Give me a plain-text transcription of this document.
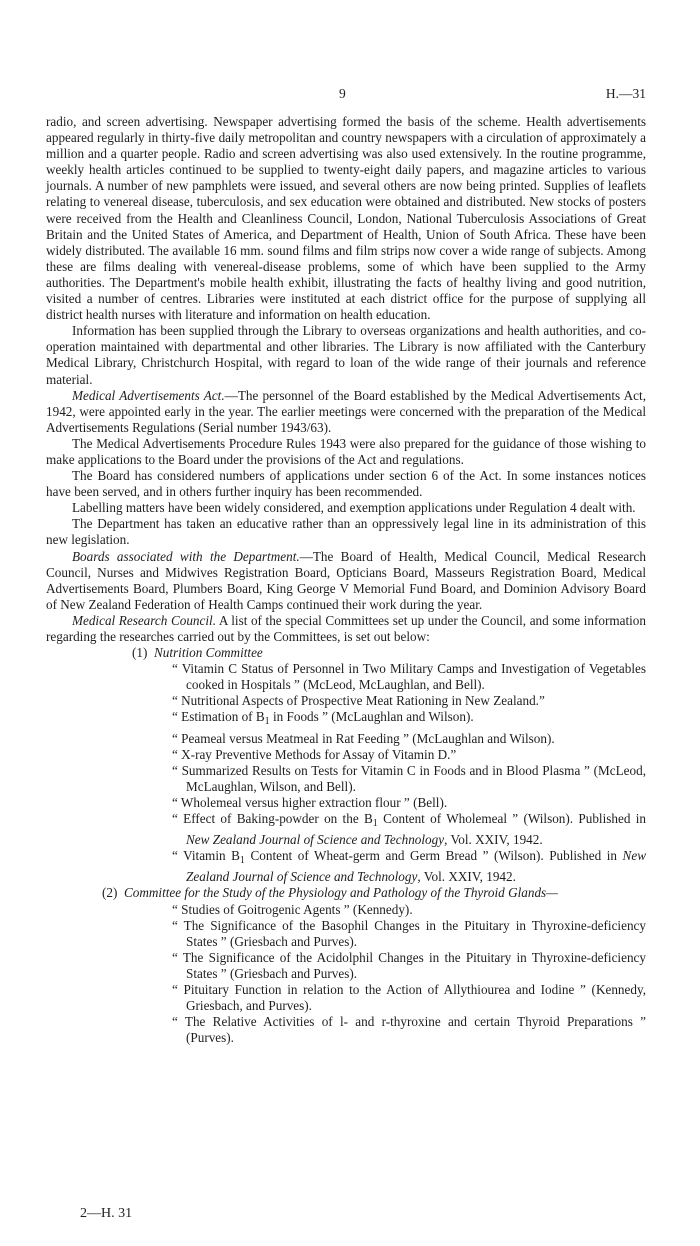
9	H.—31

radio, and screen advertising. Newspaper advertising formed the basis of the scheme. Health advertisements appeared regularly in thirty-five daily metropolitan and country newspapers with a circulation of approximately a million and a quarter people. Radio and screen advertising was also used extensively. In the routine programme, weekly health articles continued to be supplied to twenty-eight daily papers, and magazine articles to various journals. A number of new pamphlets were issued, and several others are now being printed. Supplies of leaflets relating to venereal disease, tuberculosis, and sex education were obtained and distributed. New stocks of posters were received from the Health and Cleanliness Council, London, National Tuberculosis Associations of Great Britain and the United States of America, and Department of Health, Union of South Africa. These have been widely distributed. The available 16 mm. sound films and film strips now cover a wide range of subjects. Among these are films dealing with venereal-disease problems, some of which have been supplied to the Army authorities. The Department's mobile health exhibit, illustrating the facts of healthy living and good nutrition, visited a number of centres. Libraries were instituted at each district office for the purpose of supplying all district health nurses with literature and information on health education.

Information has been supplied through the Library to overseas organizations and health authorities, and co-operation maintained with departmental and other libraries. The Library is now affiliated with the Canterbury Medical Library, Christchurch Hospital, with regard to loan of the wide range of their journals and reference material.

Medical Advertisements Act.—The personnel of the Board established by the Medical Advertisements Act, 1942, were appointed early in the year. The earlier meetings were concerned with the preparation of the Medical Advertisements Regulations (Serial number 1943/63).

The Medical Advertisements Procedure Rules 1943 were also prepared for the guidance of those wishing to make applications to the Board under the provisions of the Act and regulations.

The Board has considered numbers of applications under section 6 of the Act. In some instances notices have been served, and in others further inquiry has been recommended.

Labelling matters have been widely considered, and exemption applications under Regulation 4 dealt with.

The Department has taken an educative rather than an oppressively legal line in its administration of this new legislation.

Boards associated with the Department.—The Board of Health, Medical Council, Medical Research Council, Nurses and Midwives Registration Board, Opticians Board, Masseurs Registration Board, Medical Advertisements Board, Plumbers Board, King George V Memorial Fund Board, and Dominion Advisory Board of New Zealand Federation of Health Camps continued their work during the year.

Medical Research Council. A list of the special Committees set up under the Council, and some information regarding the researches carried out by the Committees, is set out below:

(1) Nutrition Committee

“ Vitamin C Status of Personnel in Two Military Camps and Investigation of Vegetables cooked in Hospitals ” (McLeod, McLaughlan, and Bell).

“ Nutritional Aspects of Prospective Meat Rationing in New Zealand.”

“ Estimation of $B_1$ in Foods ” (McLaughlan and Wilson).

“ Peameal versus Meatmeal in Rat Feeding ” (McLaughlan and Wilson).

“ X-ray Preventive Methods for Assay of Vitamin D.”

“ Summarized Results on Tests for Vitamin C in Foods and in Blood Plasma ” (McLeod, McLaughlan, Wilson, and Bell).

“ Wholemeal versus higher extraction flour ” (Bell).

“ Effect of Baking-powder on the $B_1$ Content of Wholemeal ” (Wilson). Published in New Zealand Journal of Science and Technology, Vol. XXIV, 1942.

“ Vitamin $B_1$ Content of Wheat-germ and Germ Bread ” (Wilson). Published in New Zealand Journal of Science and Technology, Vol. XXIV, 1942.

(2) Committee for the Study of the Physiology and Pathology of the Thyroid Glands—

“ Studies of Goitrogenic Agents ” (Kennedy).

“ The Significance of the Basophil Changes in the Pituitary in Thyroxine-deficiency States ” (Griesbach and Purves).

“ The Significance of the Acidolphil Changes in the Pituitary in Thyroxine-deficiency States ” (Griesbach and Purves).

“ Pituitary Function in relation to the Action of Allythiourea and Iodine ” (Kennedy, Griesbach, and Purves).

“ The Relative Activities of l- and r-thyroxine and certain Thyroid Preparations ” (Purves).

2—H. 31
